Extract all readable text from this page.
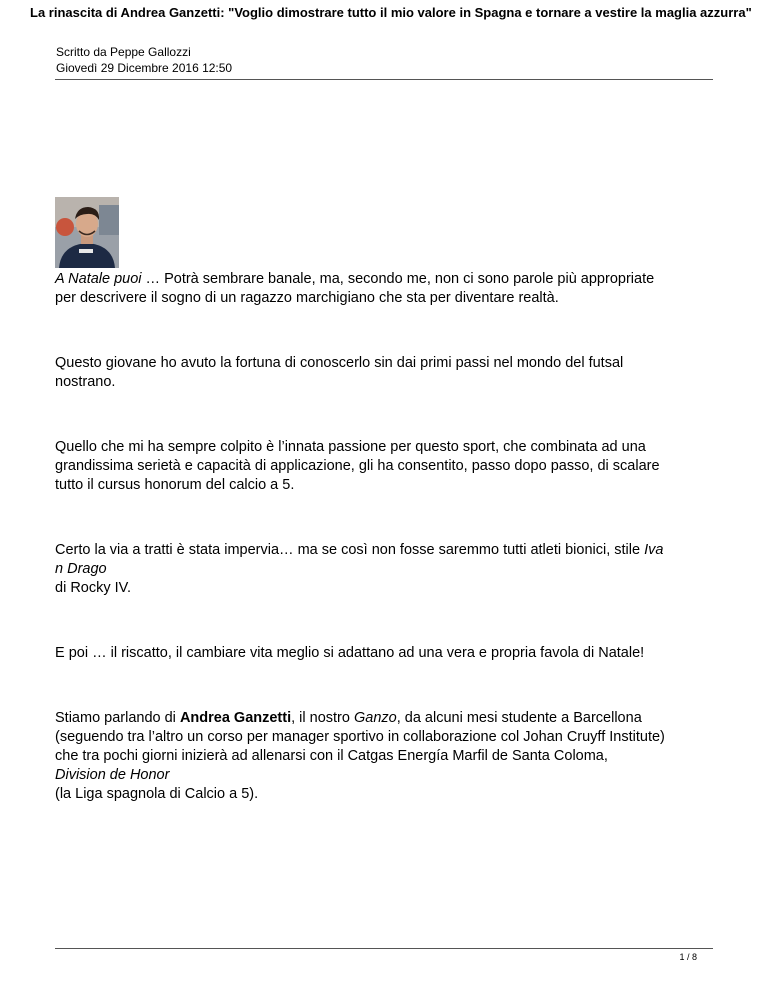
La rinascita di Andrea Ganzetti: "Voglio dimostrare tutto il mio valore in Spagna e tornare a vestire la maglia azzurra"
Scritto da Peppe Gallozzi
Giovedì 29 Dicembre 2016 12:50

A Natale puoi … Potrà sembrare banale, ma, secondo me, non ci sono parole più appropriate
per descrivere il sogno di un ragazzo marchigiano che sta per diventare realtà.

Questo giovane ho avuto la fortuna di conoscerlo sin dai primi passi nel mondo del futsal
nostrano.

Quello che mi ha sempre colpito è l’innata passione per questo sport, che combinata ad una
grandissima serietà e capacità di applicazione, gli ha consentito, passo dopo passo, di scalare
tutto il cursus honorum del calcio a 5.

Certo la via a tratti è stata impervia… ma se così non fosse saremmo tutti atleti bionici, stile Iva
n Drago
di Rocky IV.

E poi … il riscatto, il cambiare vita meglio si adattano ad una vera e propria favola di Natale!

Stiamo parlando di Andrea Ganzetti, il nostro Ganzo, da alcuni mesi studente a Barcellona
(seguendo tra l’altro un corso per manager sportivo in collaborazione col Johan Cruyff Institute)
che tra pochi giorni inizierà ad allenarsi con il Catgas Energía Marfil de Santa Coloma,
Division de Honor
(la Liga spagnola di Calcio a 5).

1 / 8
